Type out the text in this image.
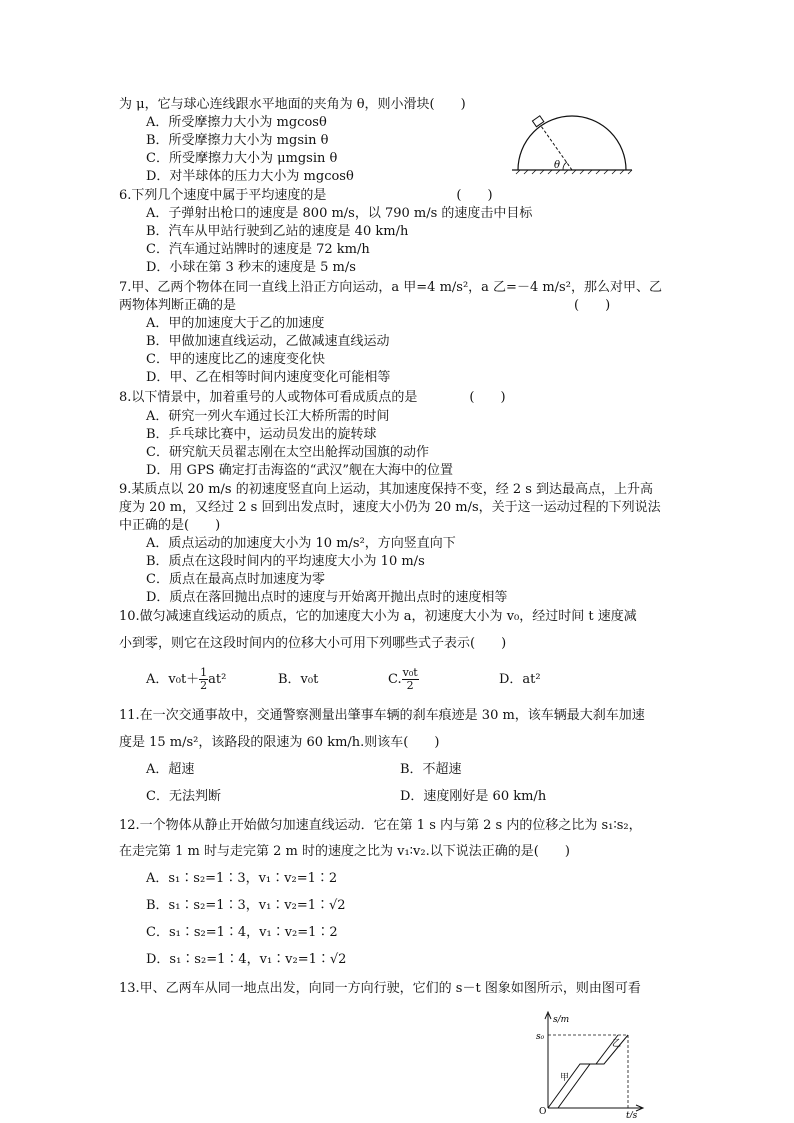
为 μ，它与球心连线跟水平地面的夹角为 θ，则小滑块(　　)
A．所受摩擦力大小为 mgcosθ
B．所受摩擦力大小为 mgsin θ
C．所受摩擦力大小为 μmgsin θ
D．对半球体的压力大小为 mgcosθ
θ
6.下列几个速度中属于平均速度的是　　　　　　　　　　(　　)
A．子弹射出枪口的速度是 800 m/s，以 790 m/s 的速度击中目标
B．汽车从甲站行驶到乙站的速度是 40 km/h
C．汽车通过站牌时的速度是 72 km/h
D．小球在第 3 秒末的速度是 5 m/s
7.甲、乙两个物体在同一直线上沿正方向运动，a 甲=4 m/s²，a 乙=－4 m/s²，那么对甲、乙
两物体判断正确的是　　　　　　　　　　　　　　　　　　　　　　　　　　(　　)
A．甲的加速度大于乙的加速度
B．甲做加速直线运动，乙做减速直线运动
C．甲的速度比乙的速度变化快
D．甲、乙在相等时间内速度变化可能相等
8.以下情景中，加着重号的人或物体可看成质点的是　　　　(　　)
A．研究一列火车通过长江大桥所需的时间
B．乒乓球比赛中，运动员发出的旋转球
C．研究航天员翟志刚在太空出舱挥动国旗的动作
D．用 GPS 确定打击海盗的“武汉”舰在大海中的位置
9.某质点以 20 m/s 的初速度竖直向上运动，其加速度保持不变，经 2 s 到达最高点，上升高
度为 20 m，又经过 2 s 回到出发点时，速度大小仍为 20 m/s，关于这一运动过程的下列说法
中正确的是(　　)
A．质点运动的加速度大小为 10 m/s²，方向竖直向下
B．质点在这段时间内的平均速度大小为 10 m/s
C．质点在最高点时加速度为零
D．质点在落回抛出点时的速度与开始离开抛出点时的速度相等
10.做匀减速直线运动的质点，它的加速度大小为 a，初速度大小为 v₀，经过时间 t 速度减
小到零，则它在这段时间内的位移大小可用下列哪些式子表示(　　)
A．$v_0t+ \frac{1}{2} at^2$	B．v₀t	C. $\frac{\text{v₀t}}{2}$	D．at²
11.在一次交通事故中，交通警察测量出肇事车辆的刹车痕迹是 30 m，该车辆最大刹车加速
度是 15 m/s²，该路段的限速为 60 km/h.则该车(　　)
A．超速	B．不超速
C．无法判断	D．速度刚好是 60 km/h
12.一个物体从静止开始做匀加速直线运动．它在第 1 s 内与第 2 s 内的位移之比为 s₁∶s₂，
在走完第 1 m 时与走完第 2 m 时的速度之比为 v₁∶v₂.以下说法正确的是(　　)
A．s₁∶s₂=1∶3，v₁∶v₂=1∶2
B．s₁∶s₂=1∶3，v₁∶v₂=1∶√2
C．s₁∶s₂=1∶4，v₁∶v₂=1∶2
D．s₁∶s₂=1∶4，v₁∶v₂=1∶√2
13.甲、乙两车从同一地点出发，向同一方向行驶，它们的 s－t 图象如图所示，则由图可看
s/m
t/s
s₀
O
甲
乙
